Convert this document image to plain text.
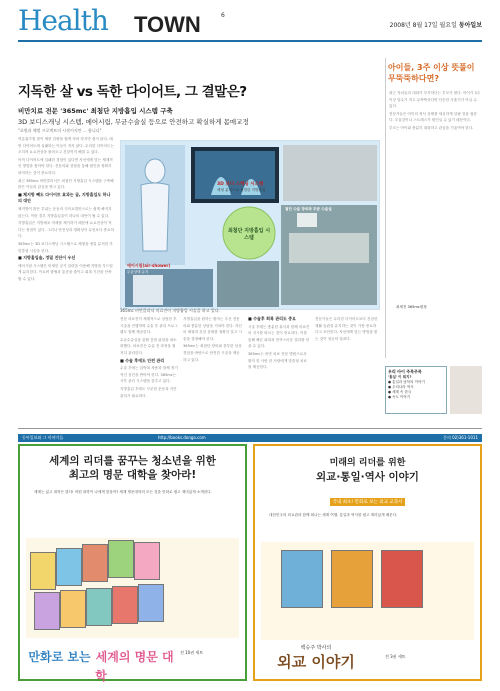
Health TOWN	6
2008년 8월 17일 월요일 동아일보
지독한 살 vs 독한 다이어트, 그 결말은?
비만치료 전문 '365mc' 최첨단 지방흡입 시스템 구축
3D 보디스캐닝 시스템, 에어시림, 무균수술실 등으로 안전하고 확실하게 몸매교정
"초원과 체벌 프로젝트의 시작이지만 ... 합니다"

여름휴가철 많이 체중 감량을 쉽게 하려 하지만 쉽지 않다. 매번 다이어트에 실패하는 이들이 적지 않다. 무리한 다이어트는 오히려 요요현상을 불러오고 건강까지 해칠 수 있다.

아직 다이어트에 실패한 경험이 있다면 자신에게 맞는 체계적인 방법을 찾아야 한다. 전문의와 상담을 통해 원인을 정확히 파악하는 것이 중요하다.

최근 365mc 비만클리닉은 최첨단 지방흡입 시스템을 구축해 많은 이들의 관심을 받고 있다.

■ 체지방 빼도 다이어트 효과는 글, 지방흡입도 하나의 대안

체지방이 많은 부위는 운동과 식이요법만으로는 쉽게 빠지지 않는다. 이런 경우 지방흡입술이 하나의 대안이 될 수 있다.

지방흡입은 지방세포 자체를 제거하기 때문에 요요현상이 적다는 장점이 있다. 그러나 안전성과 정확성이 무엇보다 중요하다.

365mc는 3D 보디스캐닝 시스템으로 체형을 정밀 분석한 후 맞춤형 시술을 한다.

■ 지방흡입술, 정밀 진단이 우선

에어시림 시스템은 미세한 공기 압력을 이용해 지방을 부드럽게 분리한다. 이로써 출혈과 통증을 줄이고 회복 기간을 단축할 수 있다.

3D 보디 스캐닝 시스템
체형 분석으로 정밀한 지방흡입
최첨단 지방흡입 시스템
에어시림(air-shower)
무균상태 유지
첨단 수술 장비와 무균 수술실
365mc 비만클리닉 의료진이 지방흡입 시술을 하고 있다.

전문 의료진이 체계적으로 상담한 후 시술을 진행하며 수술 후 관리 프로그램도 함께 제공한다.

무균수술실을 갖춰 감염 위험을 최소화했다. 의료진은 수술 전 과정을 철저히 관리한다.

■ 수술 후에도 안전 관리

수술 후에는 압박복 착용과 함께 정기적인 검진을 받아야 한다. 365mc는 사후 관리 시스템을 갖추고 있다.

지방흡입 후에도 꾸준한 운동과 식단 관리가 필요하다.

지방흡입을 원하는 환자는 우선 전문의와 충분한 상담을 거쳐야 한다. 자신의 체형과 건강 상태를 정확히 알고 시술을 결정해야 한다.

365mc는 최첨단 장비와 풍부한 임상 경험을 바탕으로 안전한 시술을 제공하고 있다.

■ 수술후 회복 관리도 중요

시술 후에는 충분한 휴식과 함께 의료진의 지시를 따르는 것이 중요하다. 이를 통해 빠른 회복과 만족스러운 결과를 얻을 수 있다.

365mc는 비만 치료 전문 병원으로서 환자 한 사람 한 사람에게 맞춤형 치료를 제공한다.

전문가들은 무리한 다이어트보다 건강한 생활 습관을 유지하는 것이 가장 중요하다고 조언한다. 자신에게 맞는 방법을 찾는 것이 성공의 열쇠다.

아이들, 3주 이상 뜻풀이 무뚝뚝하다면?

최근 자녀들과 대화가 부족하다는 부모가 많다. 아이가 3주 이상 말수가 적고 무뚝뚝하다면 단순한 사춘기가 아닐 수 있다.

전문가들은 아이의 정서 상태를 세심하게 살필 것을 권한다. 우울감이나 스트레스가 원인일 수 있기 때문이다.

부모는 아이와 충분히 대화하고 관심을 기울여야 한다.

최세진 365mc원장
우리 아이 주목주목
'통일' 이 뭐지?
● 통일과 남북의 이야기
● 우리나라 역사
● 세계 속 한국
● 독도 이야기
동아일보와 그 이야기들	http://books.donga.com	문의 02)361-1011
세계의 리더를 꿈꾸는 청소년을 위한
최고의 명문 대학을 찾아라!
세계는 넓고 대학은 많다! 어떤 대학이 나에게 맞을까? 세계 명문대학의 모든 것을 만화로 쉽고 재미있게 소개한다.
만화로 보는 세계의 명문 대학
전 10권 세트
미래의 리더를 위한
외교·통일·역사 이야기
국내 최초! 만화로 보는 외교 교과서
대한민국의 외교관과 함께 떠나는 세계 여행. 통일과 역사를 쉽고 재미있게 배운다.
백승주 박사의
외교 이야기	전 3권 세트
